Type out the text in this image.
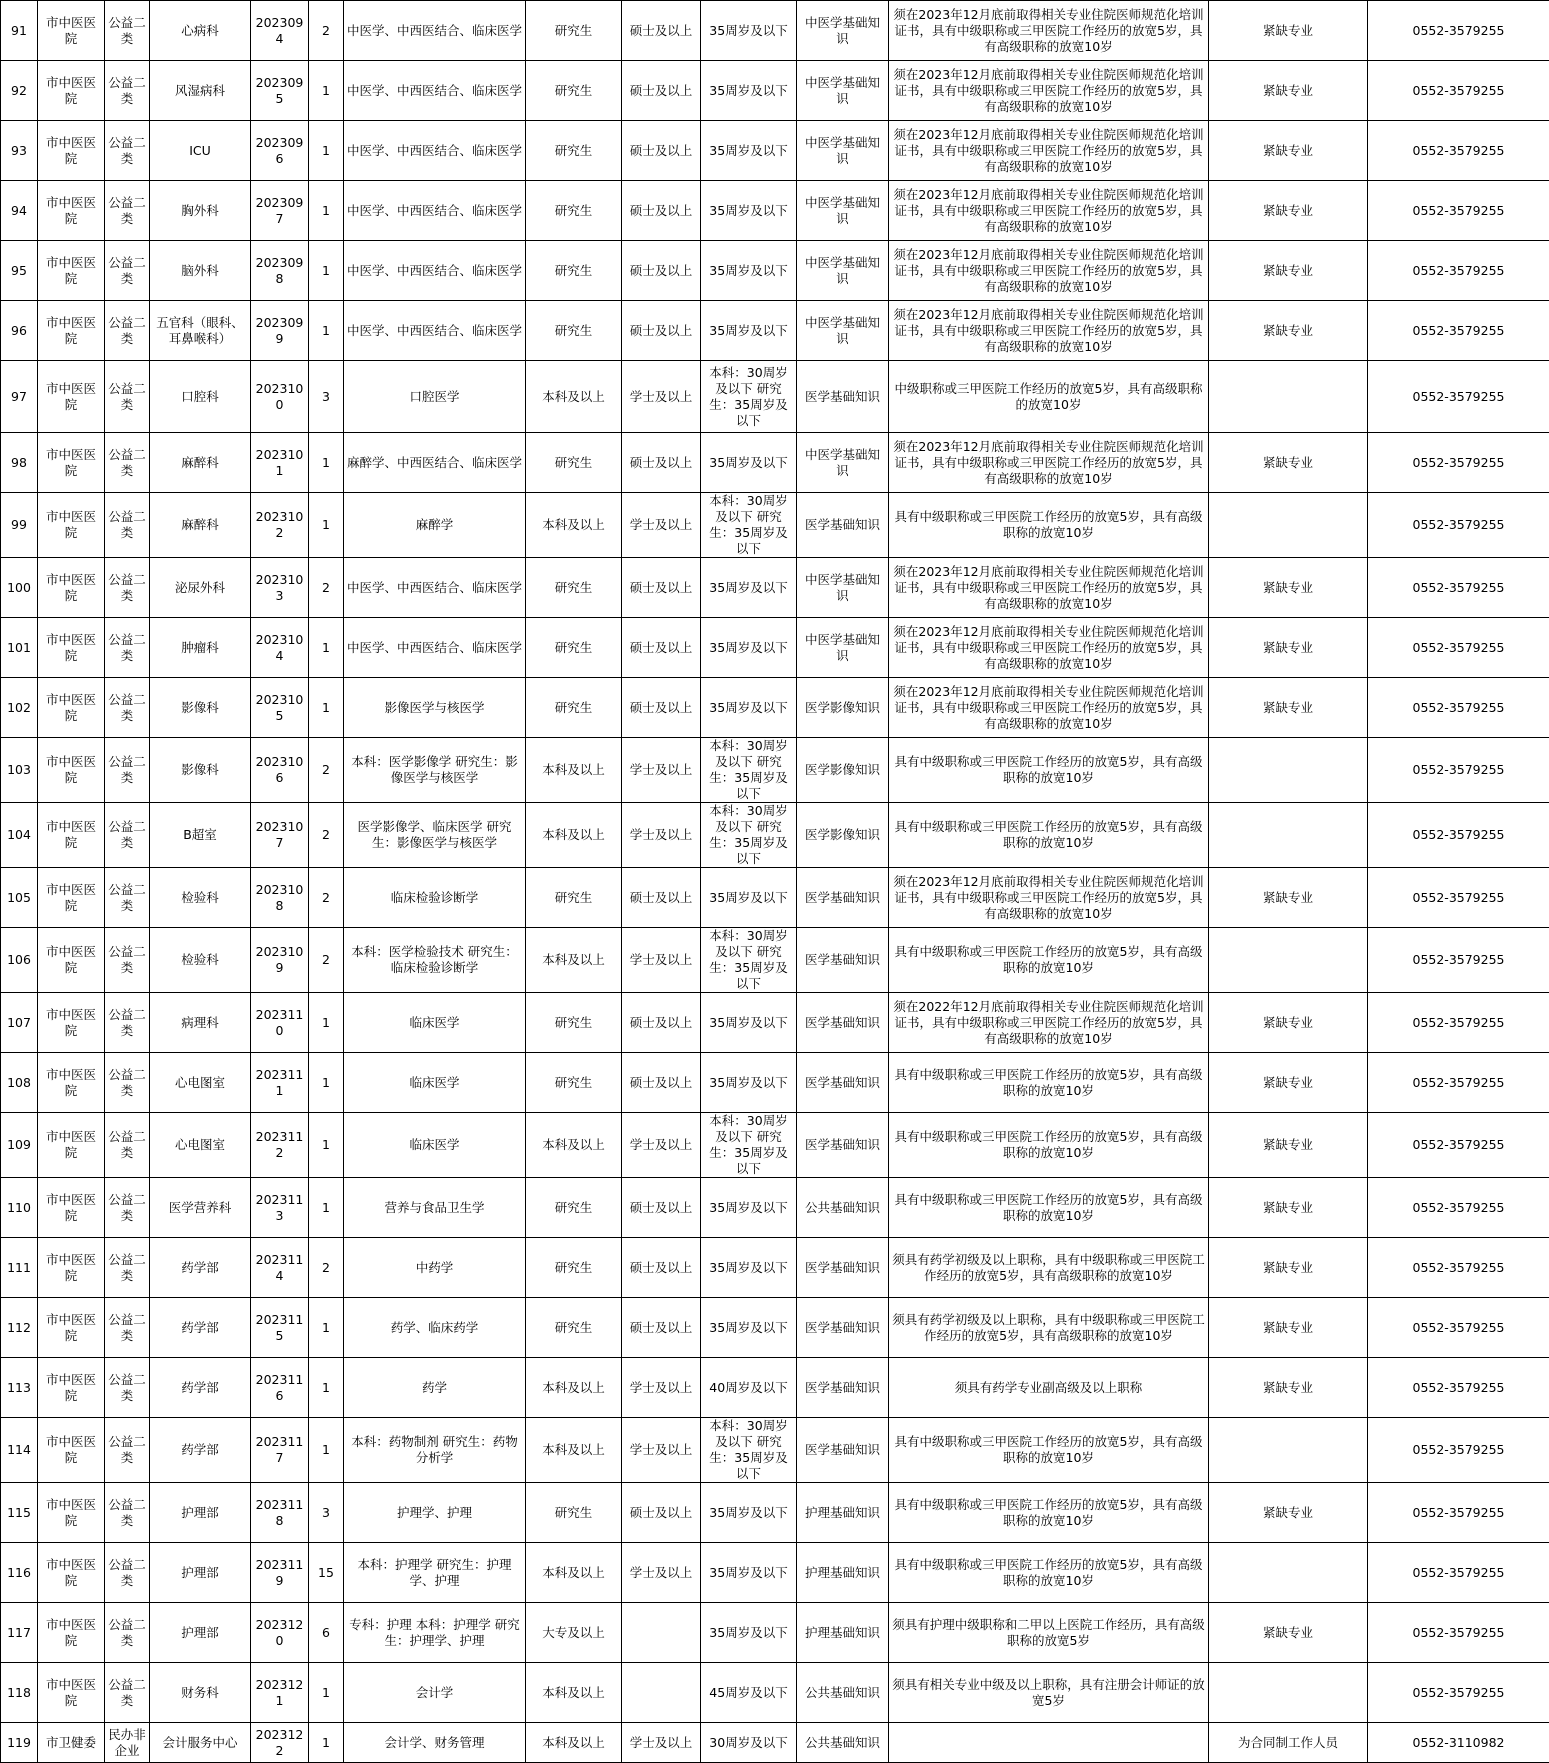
91	市中医医院	公益二类	心病科	2023094	2	中医学、中西医结合、临床医学	研究生	硕士及以上	35周岁及以下	中医学基础知识	须在2023年12月底前取得相关专业住院医师规范化培训证书，具有中级职称或三甲医院工作经历的放宽5岁，具有高级职称的放宽10岁	紧缺专业	0552-3579255
92	市中医医院	公益二类	风湿病科	2023095	1	中医学、中西医结合、临床医学	研究生	硕士及以上	35周岁及以下	中医学基础知识	须在2023年12月底前取得相关专业住院医师规范化培训证书，具有中级职称或三甲医院工作经历的放宽5岁，具有高级职称的放宽10岁	紧缺专业	0552-3579255
93	市中医医院	公益二类	ICU	2023096	1	中医学、中西医结合、临床医学	研究生	硕士及以上	35周岁及以下	中医学基础知识	须在2023年12月底前取得相关专业住院医师规范化培训证书，具有中级职称或三甲医院工作经历的放宽5岁，具有高级职称的放宽10岁	紧缺专业	0552-3579255
94	市中医医院	公益二类	胸外科	2023097	1	中医学、中西医结合、临床医学	研究生	硕士及以上	35周岁及以下	中医学基础知识	须在2023年12月底前取得相关专业住院医师规范化培训证书，具有中级职称或三甲医院工作经历的放宽5岁，具有高级职称的放宽10岁	紧缺专业	0552-3579255
95	市中医医院	公益二类	脑外科	2023098	1	中医学、中西医结合、临床医学	研究生	硕士及以上	35周岁及以下	中医学基础知识	须在2023年12月底前取得相关专业住院医师规范化培训证书，具有中级职称或三甲医院工作经历的放宽5岁，具有高级职称的放宽10岁	紧缺专业	0552-3579255
96	市中医医院	公益二类	五官科（眼科、耳鼻喉科）	2023099	1	中医学、中西医结合、临床医学	研究生	硕士及以上	35周岁及以下	中医学基础知识	须在2023年12月底前取得相关专业住院医师规范化培训证书，具有中级职称或三甲医院工作经历的放宽5岁，具有高级职称的放宽10岁	紧缺专业	0552-3579255
97	市中医医院	公益二类	口腔科	2023100	3	口腔医学	本科及以上	学士及以上	本科：30周岁及以下 研究生：35周岁及以下	医学基础知识	中级职称或三甲医院工作经历的放宽5岁，具有高级职称的放宽10岁		0552-3579255
98	市中医医院	公益二类	麻醉科	2023101	1	麻醉学、中西医结合、临床医学	研究生	硕士及以上	35周岁及以下	中医学基础知识	须在2023年12月底前取得相关专业住院医师规范化培训证书，具有中级职称或三甲医院工作经历的放宽5岁，具有高级职称的放宽10岁	紧缺专业	0552-3579255
99	市中医医院	公益二类	麻醉科	2023102	1	麻醉学	本科及以上	学士及以上	本科：30周岁及以下 研究生：35周岁及以下	医学基础知识	具有中级职称或三甲医院工作经历的放宽5岁，具有高级职称的放宽10岁		0552-3579255
100	市中医医院	公益二类	泌尿外科	2023103	2	中医学、中西医结合、临床医学	研究生	硕士及以上	35周岁及以下	中医学基础知识	须在2023年12月底前取得相关专业住院医师规范化培训证书，具有中级职称或三甲医院工作经历的放宽5岁，具有高级职称的放宽10岁	紧缺专业	0552-3579255
101	市中医医院	公益二类	肿瘤科	2023104	1	中医学、中西医结合、临床医学	研究生	硕士及以上	35周岁及以下	中医学基础知识	须在2023年12月底前取得相关专业住院医师规范化培训证书，具有中级职称或三甲医院工作经历的放宽5岁，具有高级职称的放宽10岁	紧缺专业	0552-3579255
102	市中医医院	公益二类	影像科	2023105	1	影像医学与核医学	研究生	硕士及以上	35周岁及以下	医学影像知识	须在2023年12月底前取得相关专业住院医师规范化培训证书，具有中级职称或三甲医院工作经历的放宽5岁，具有高级职称的放宽10岁	紧缺专业	0552-3579255
103	市中医医院	公益二类	影像科	2023106	2	本科：医学影像学 研究生：影像医学与核医学	本科及以上	学士及以上	本科：30周岁及以下 研究生：35周岁及以下	医学影像知识	具有中级职称或三甲医院工作经历的放宽5岁，具有高级职称的放宽10岁		0552-3579255
104	市中医医院	公益二类	B超室	2023107	2	医学影像学、临床医学 研究生：影像医学与核医学	本科及以上	学士及以上	本科：30周岁及以下 研究生：35周岁及以下	医学影像知识	具有中级职称或三甲医院工作经历的放宽5岁，具有高级职称的放宽10岁		0552-3579255
105	市中医医院	公益二类	检验科	2023108	2	临床检验诊断学	研究生	硕士及以上	35周岁及以下	医学基础知识	须在2023年12月底前取得相关专业住院医师规范化培训证书，具有中级职称或三甲医院工作经历的放宽5岁，具有高级职称的放宽10岁	紧缺专业	0552-3579255
106	市中医医院	公益二类	检验科	2023109	2	本科：医学检验技术 研究生：临床检验诊断学	本科及以上	学士及以上	本科：30周岁及以下 研究生：35周岁及以下	医学基础知识	具有中级职称或三甲医院工作经历的放宽5岁，具有高级职称的放宽10岁		0552-3579255
107	市中医医院	公益二类	病理科	2023110	1	临床医学	研究生	硕士及以上	35周岁及以下	医学基础知识	须在2022年12月底前取得相关专业住院医师规范化培训证书，具有中级职称或三甲医院工作经历的放宽5岁，具有高级职称的放宽10岁	紧缺专业	0552-3579255
108	市中医医院	公益二类	心电图室	2023111	1	临床医学	研究生	硕士及以上	35周岁及以下	医学基础知识	具有中级职称或三甲医院工作经历的放宽5岁，具有高级职称的放宽10岁	紧缺专业	0552-3579255
109	市中医医院	公益二类	心电图室	2023112	1	临床医学	本科及以上	学士及以上	本科：30周岁及以下 研究生：35周岁及以下	医学基础知识	具有中级职称或三甲医院工作经历的放宽5岁，具有高级职称的放宽10岁	紧缺专业	0552-3579255
110	市中医医院	公益二类	医学营养科	2023113	1	营养与食品卫生学	研究生	硕士及以上	35周岁及以下	公共基础知识	具有中级职称或三甲医院工作经历的放宽5岁，具有高级职称的放宽10岁	紧缺专业	0552-3579255
111	市中医医院	公益二类	药学部	2023114	2	中药学	研究生	硕士及以上	35周岁及以下	医学基础知识	须具有药学初级及以上职称，具有中级职称或三甲医院工作经历的放宽5岁，具有高级职称的放宽10岁	紧缺专业	0552-3579255
112	市中医医院	公益二类	药学部	2023115	1	药学、临床药学	研究生	硕士及以上	35周岁及以下	医学基础知识	须具有药学初级及以上职称，具有中级职称或三甲医院工作经历的放宽5岁，具有高级职称的放宽10岁	紧缺专业	0552-3579255
113	市中医医院	公益二类	药学部	2023116	1	药学	本科及以上	学士及以上	40周岁及以下	医学基础知识	须具有药学专业副高级及以上职称	紧缺专业	0552-3579255
114	市中医医院	公益二类	药学部	2023117	1	本科：药物制剂 研究生：药物分析学	本科及以上	学士及以上	本科：30周岁及以下 研究生：35周岁及以下	医学基础知识	具有中级职称或三甲医院工作经历的放宽5岁，具有高级职称的放宽10岁		0552-3579255
115	市中医医院	公益二类	护理部	2023118	3	护理学、护理	研究生	硕士及以上	35周岁及以下	护理基础知识	具有中级职称或三甲医院工作经历的放宽5岁，具有高级职称的放宽10岁	紧缺专业	0552-3579255
116	市中医医院	公益二类	护理部	2023119	15	本科：护理学 研究生：护理学、护理	本科及以上	学士及以上	35周岁及以下	护理基础知识	具有中级职称或三甲医院工作经历的放宽5岁，具有高级职称的放宽10岁		0552-3579255
117	市中医医院	公益二类	护理部	2023120	6	专科：护理 本科：护理学 研究生：护理学、护理	大专及以上		35周岁及以下	护理基础知识	须具有护理中级职称和二甲以上医院工作经历，具有高级职称的放宽5岁	紧缺专业	0552-3579255
118	市中医医院	公益二类	财务科	2023121	1	会计学	本科及以上		45周岁及以下	公共基础知识	须具有相关专业中级及以上职称，具有注册会计师证的放宽5岁		0552-3579255
119	市卫健委	民办非企业	会计服务中心	2023122	1	会计学、财务管理	本科及以上	学士及以上	30周岁及以下	公共基础知识		为合同制工作人员	0552-3110982
